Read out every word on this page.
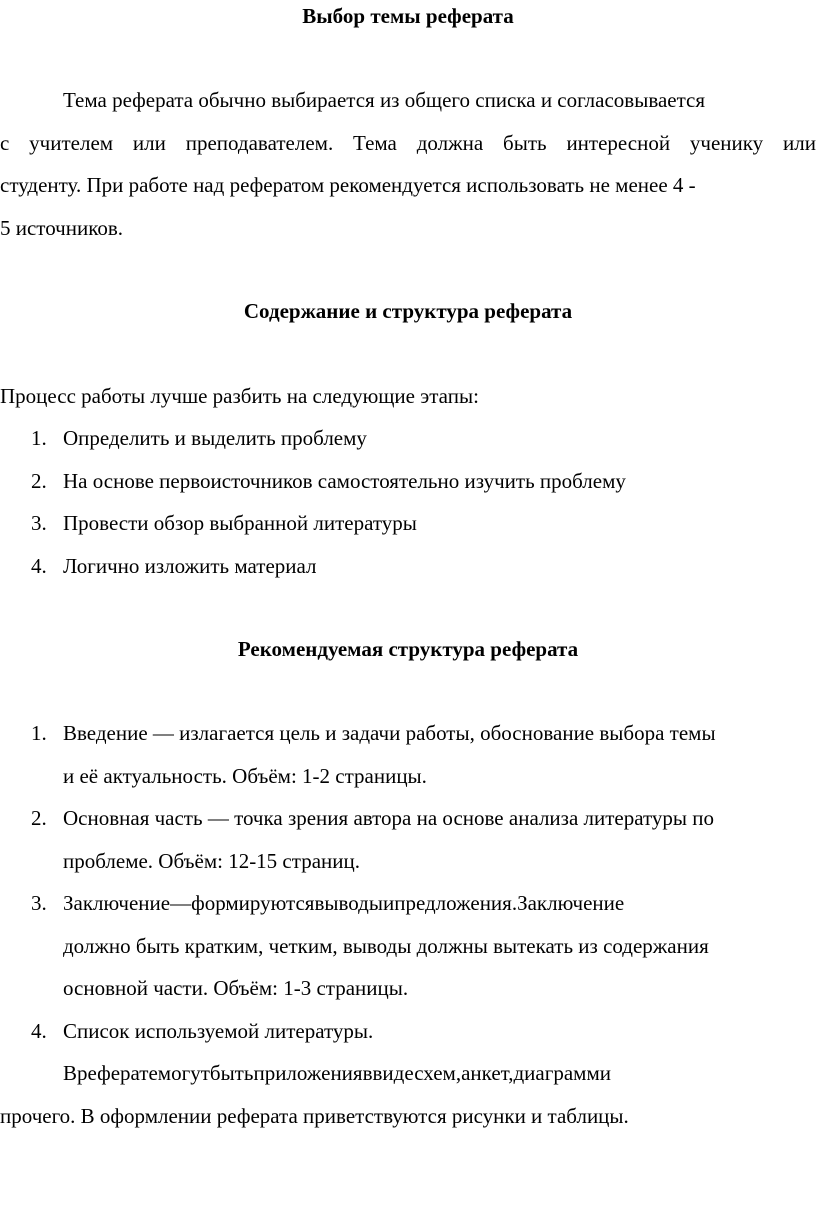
Выбор темы реферата
Тема реферата обычно выбирается из общего списка и согласовывается
с учителем или преподавателем. Тема должна быть интересной ученику или
студенту. При работе над рефератом рекомендуется использовать не менее 4 -
5 источников.
Содержание и структура реферата
Процесс работы лучше разбить на следующие этапы:
1. Определить и выделить проблему
2. На основе первоисточников самостоятельно изучить проблему
3. Провести обзор выбранной литературы
4. Логично изложить материал
Рекомендуемая структура реферата
1. Введение — излагается цель и задачи работы, обоснование выбора темы
и её актуальность. Объём: 1-2 страницы.
2. Основная часть — точка зрения автора на основе анализа литературы по
проблеме. Объём: 12-15 страниц.
3. Заключение—формируютсявыводыипредложения.Заключение
должно быть кратким, четким, выводы должны вытекать из содержания
основной части. Объём: 1-3 страницы.
4. Список используемой литературы.
Врефератемогутбытьприложенияввидесхем,анкет,диаграмми
прочего. В оформлении реферата приветствуются рисунки и таблицы.
